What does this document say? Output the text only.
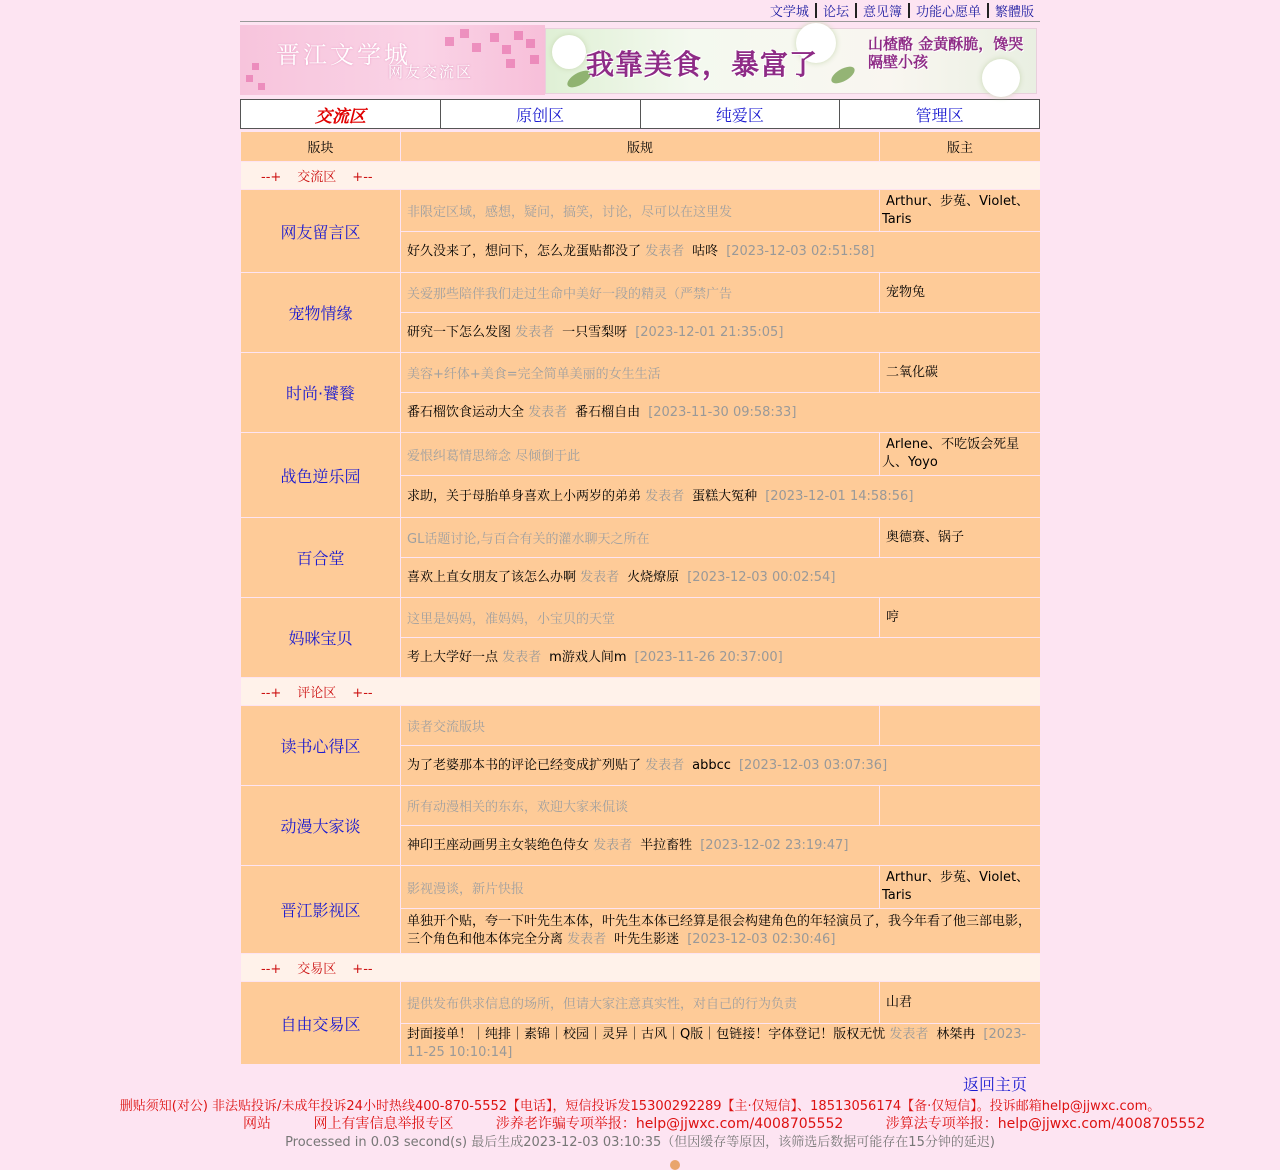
文学城	论坛	意见簿	功能心愿单	繁體版
晋江文学城
网友交流区	我靠美食，暴富了
山楂酪 金黄酥脆，馋哭隔壁小孩
交流区	原创区	纯爱区	管理区
版块	版规	版主
--+ 交流区 +--		
网友留言区	非限定区域，感想，疑问，搞笑，讨论，尽可以在这里发	Arthur、步菟、Violet、Taris
	好久没来了，想问下，怎么龙蛋贴都没了 发表者 咕咚 [2023-12-03 02:51:58]	
宠物情缘	关爱那些陪伴我们走过生命中美好一段的精灵（严禁广告	宠物兔
	研究一下怎么发图 发表者 一只雪梨呀 [2023-12-01 21:35:05]	
时尚·饕餮	美容+纤体+美食=完全简单美丽的女生生活	二氧化碳
	番石榴饮食运动大全 发表者 番石榴自由 [2023-11-30 09:58:33]	
战色逆乐园	爱恨纠葛情思缔念 尽倾倒于此	Arlene、不吃饭会死星人、Yoyo
	求助，关于母胎单身喜欢上小两岁的弟弟 发表者 蛋糕大冤种 [2023-12-01 14:58:56]	
百合堂	GL话题讨论,与百合有关的灌水聊天之所在	奥德赛、锅子
	喜欢上直女朋友了该怎么办啊 发表者 火烧燎原 [2023-12-03 00:02:54]	
妈咪宝贝	这里是妈妈，准妈妈，小宝贝的天堂	哼
	考上大学好一点 发表者 m游戏人间m [2023-11-26 20:37:00]	
--+ 评论区 +--		
读书心得区	读者交流版块	
	为了老婆那本书的评论已经变成扩列贴了 发表者 abbcc [2023-12-03 03:07:36]	
动漫大家谈	所有动漫相关的东东，欢迎大家来侃谈	
	神印王座动画男主女装绝色侍女 发表者 半拉畜牲 [2023-12-02 23:19:47]	
晋江影视区	影视漫谈，新片快报	Arthur、步菟、Violet、Taris
	单独开个贴，夸一下叶先生本体，叶先生本体已经算是很会构建角色的年轻演员了，我今年看了他三部电影，三个角色和他本体完全分离 发表者 叶先生影迷 [2023-12-03 02:30:46]	
--+ 交易区 +--		
自由交易区	提供发布供求信息的场所，但请大家注意真实性，对自己的行为负责	山君
	封面接单！｜纯排｜素锦｜校园｜灵异｜古风｜Q版｜包链接！字体登记！版权无忧 发表者 林桀冉 [2023-11-25 10:10:14]	
返回主页
删贴须知(对公) 非法贴投诉/未成年投诉24小时热线400-870-5552【电话】，短信投诉发15300292289【主·仅短信】、18513056174【备·仅短信】。投诉邮箱help@jjwxc.com。
网站	网上有害信息举报专区	涉养老诈骗专项举报：help@jjwxc.com/4008705552	涉算法专项举报：help@jjwxc.com/4008705552
Processed in 0.03 second(s) 最后生成2023-12-03 03:10:35（但因缓存等原因，该筛选后数据可能存在15分钟的延迟)
